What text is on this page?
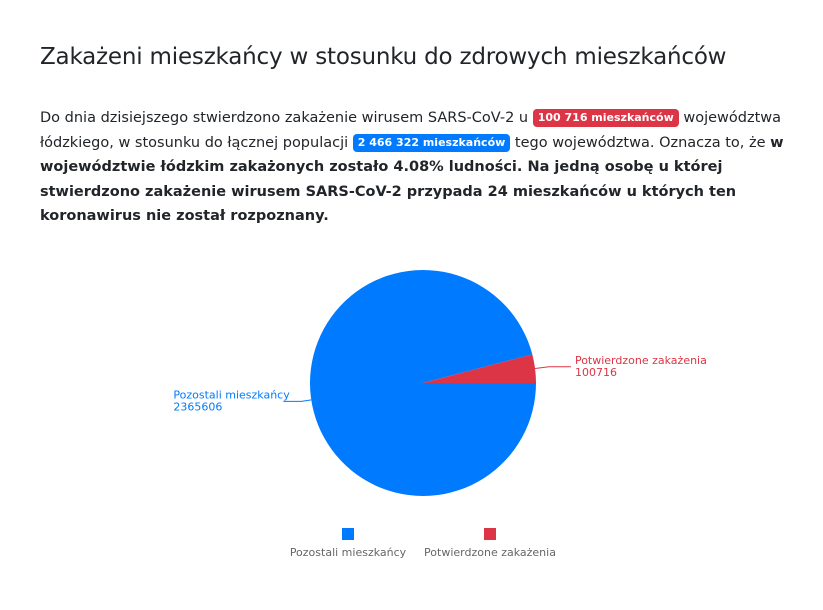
Zakażeni mieszkańcy w stosunku do zdrowych mieszkańców
Do dnia dzisiejszego stwierdzono zakażenie wirusem SARS-CoV-2 u 100 716 mieszkańców województwa łódzkiego, w stosunku do łącznej populacji 2 466 322 mieszkańców tego województwa. Oznacza to, że w województwie łódzkim zakażonych zostało 4.08% ludności. Na jedną osobę u której stwierdzono zakażenie wirusem SARS-CoV-2 przypada 24 mieszkańców u których ten koronawirus nie został rozpoznany.
Potwierdzone zakażenia
100716
Pozostali mieszkańcy
2365606
Pozostali mieszkańcy Potwierdzone zakażenia
